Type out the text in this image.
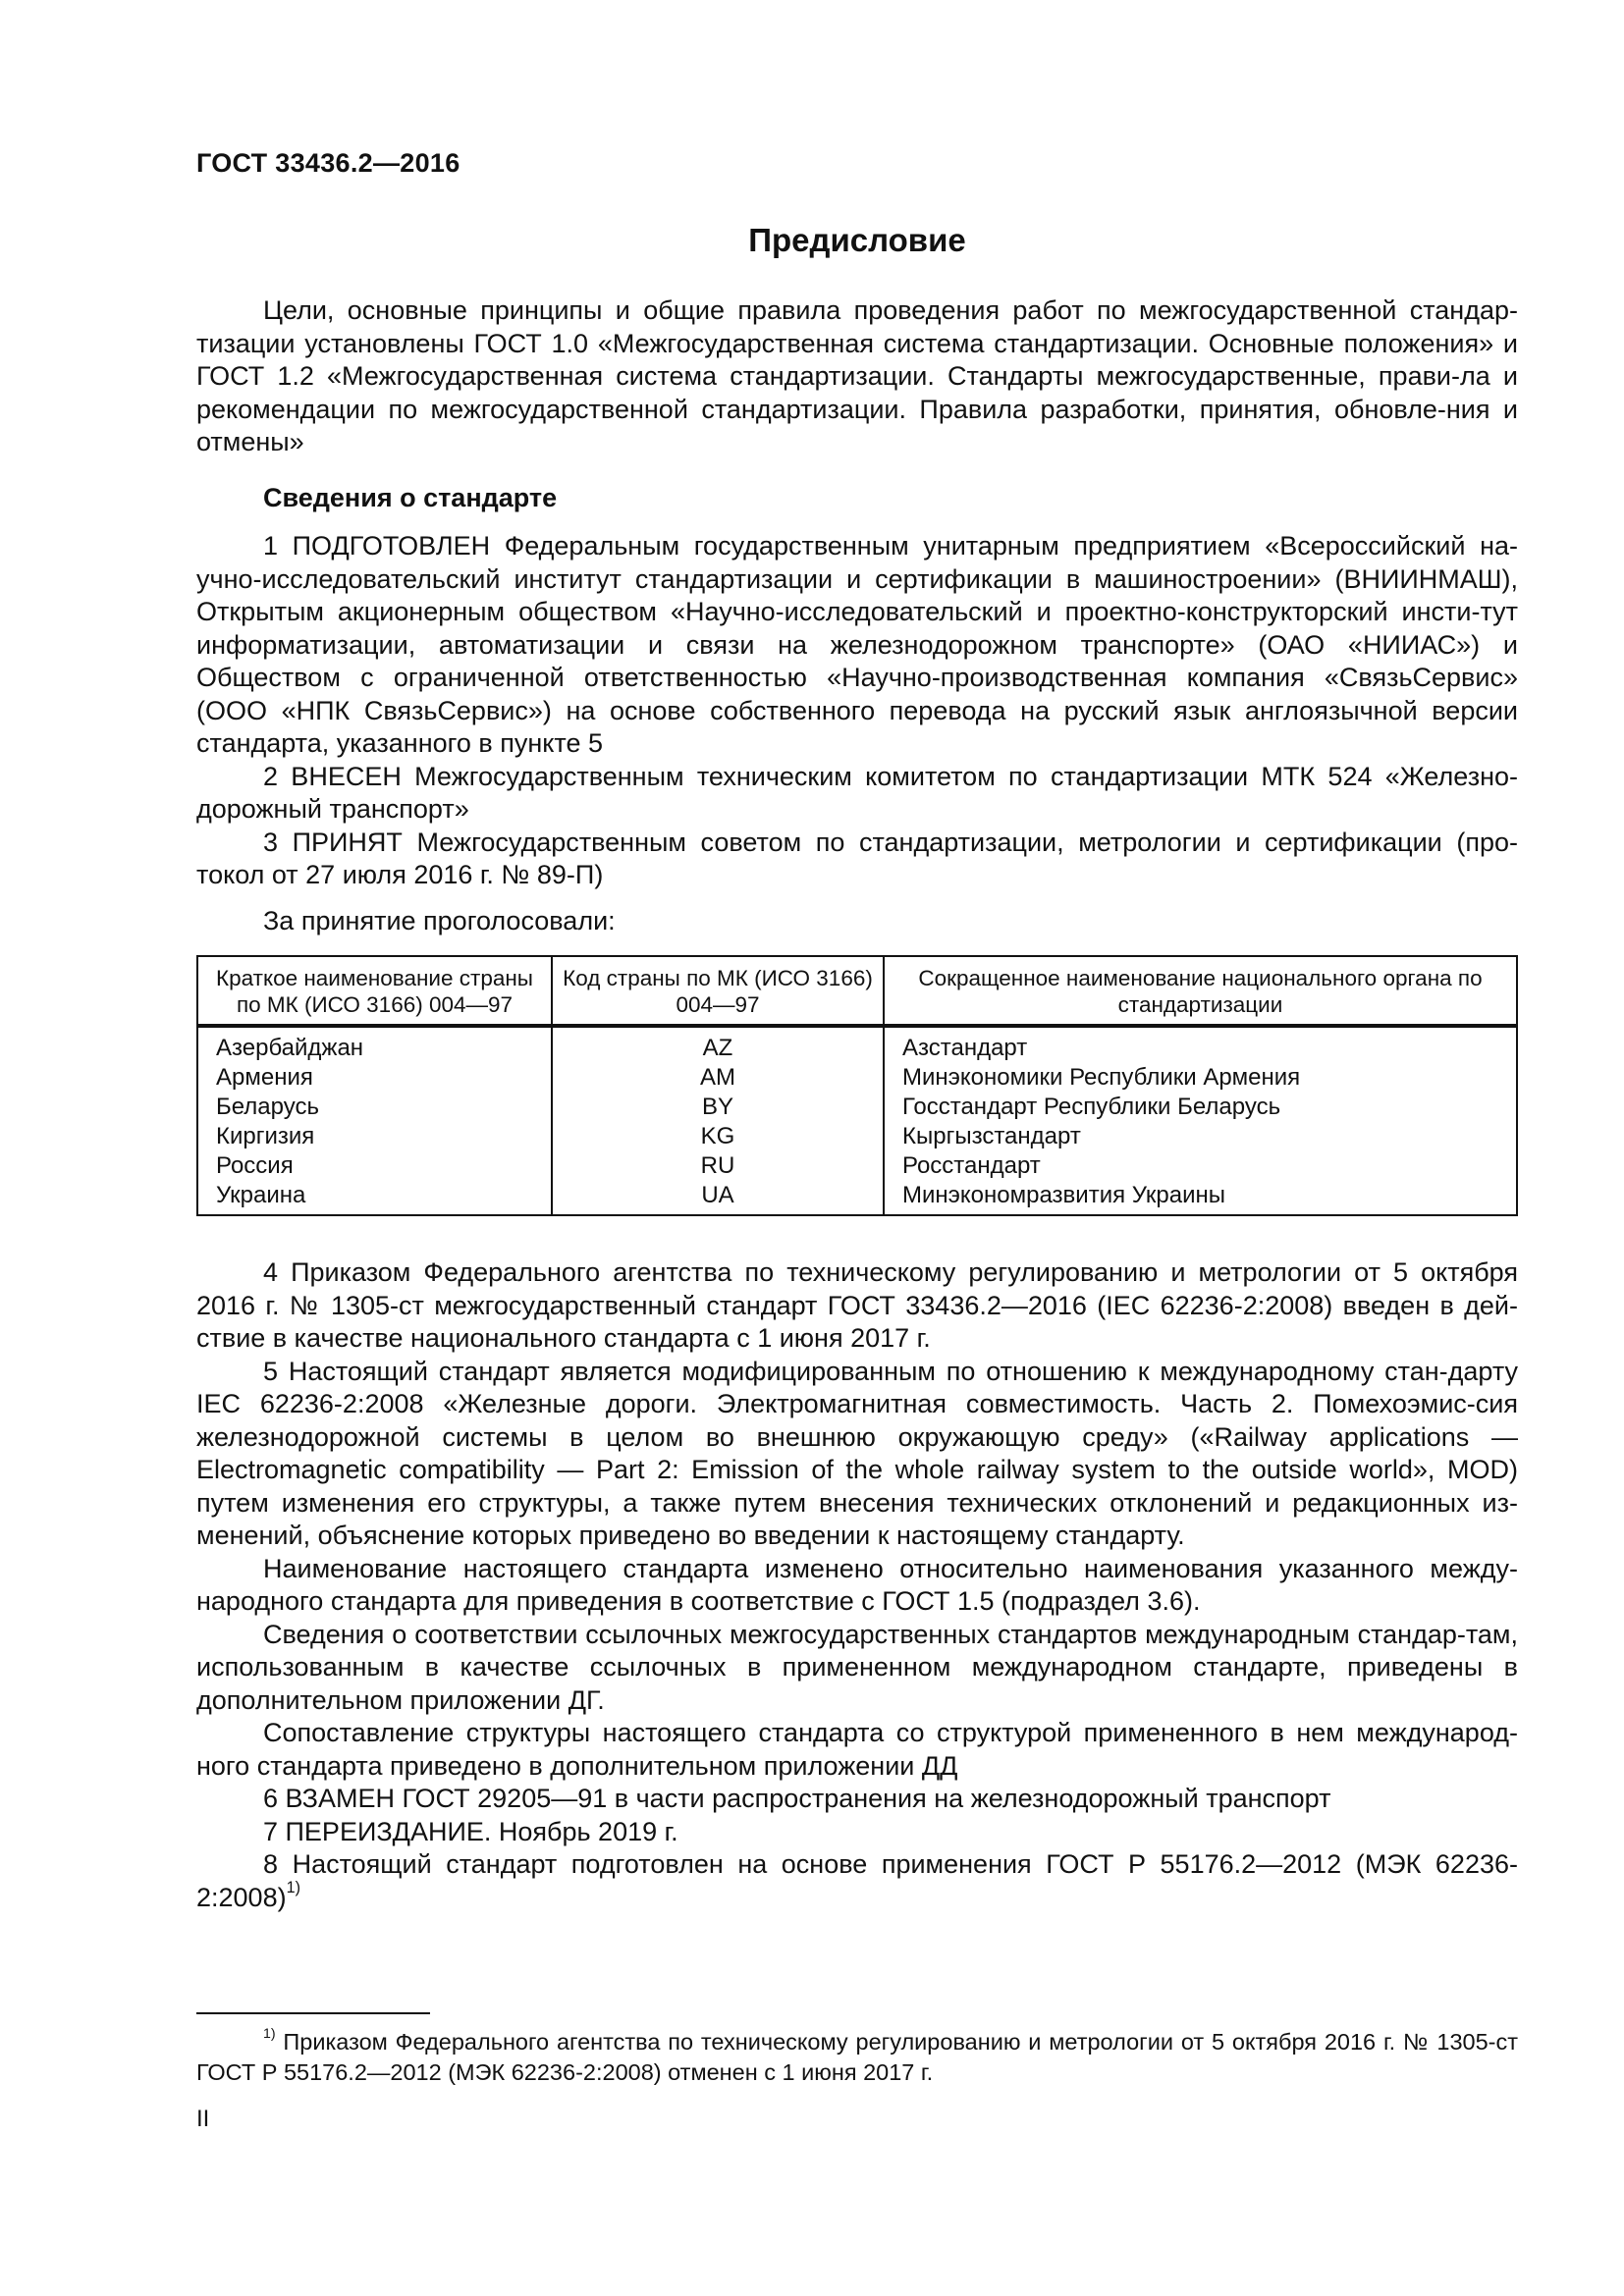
ГОСТ 33436.2—2016
Предисловие

Цели, основные принципы и общие правила проведения работ по межгосударственной стандар-тизации установлены ГОСТ 1.0 «Межгосударственная система стандартизации. Основные положения» и ГОСТ 1.2 «Межгосударственная система стандартизации. Стандарты межгосударственные, прави-ла и рекомендации по межгосударственной стандартизации. Правила разработки, принятия, обновле-ния и отмены»

Сведения о стандарте

1 ПОДГОТОВЛЕН Федеральным государственным унитарным предприятием «Всероссийский на-учно-исследовательский институт стандартизации и сертификации в машиностроении» (ВНИИНМАШ), Открытым акционерным обществом «Научно-исследовательский и проектно-конструкторский инсти-тут информатизации, автоматизации и связи на железнодорожном транспорте» (ОАО «НИИАС») и Обществом с ограниченной ответственностью «Научно-производственная компания «СвязьСервис» (ООО «НПК СвязьСервис») на основе собственного перевода на русский язык англоязычной версии стандарта, указанного в пункте 5

2 ВНЕСЕН Межгосударственным техническим комитетом по стандартизации МТК 524 «Железно-дорожный транспорт»

3 ПРИНЯТ Межгосударственным советом по стандартизации, метрологии и сертификации (про-токол от 27 июля 2016 г. № 89-П)

За принятие проголосовали:

Краткое наименование страны по МК (ИСО 3166) 004—97	Код страны по МК (ИСО 3166) 004—97	Сокращенное наименование национального органа по стандартизации
Азербайджан	AZ	Азстандарт
Армения	AM	Минэкономики Республики Армения
Беларусь	BY	Госстандарт Республики Беларусь
Киргизия	KG	Кыргызстандарт
Россия	RU	Росстандарт
Украина	UA	Минэкономразвития Украины

4 Приказом Федерального агентства по техническому регулированию и метрологии от 5 октября 2016 г. № 1305-ст межгосударственный стандарт ГОСТ 33436.2—2016 (IEC 62236-2:2008) введен в дей-ствие в качестве национального стандарта с 1 июня 2017 г.

5 Настоящий стандарт является модифицированным по отношению к международному стан-дарту IEC 62236-2:2008 «Железные дороги. Электромагнитная совместимость. Часть 2. Помехоэмис-сия железнодорожной системы в целом во внешнюю окружающую среду» («Railway applications — Electromagnetic compatibility — Part 2: Emission of the whole railway system to the outside world», MOD) путем изменения его структуры, а также путем внесения технических отклонений и редакционных из-менений, объяснение которых приведено во введении к настоящему стандарту.

Наименование настоящего стандарта изменено относительно наименования указанного между-народного стандарта для приведения в соответствие с ГОСТ 1.5 (подраздел 3.6).

Сведения о соответствии ссылочных межгосударственных стандартов международным стандар-там, использованным в качестве ссылочных в примененном международном стандарте, приведены в дополнительном приложении ДГ.

Сопоставление структуры настоящего стандарта со структурой примененного в нем международ-ного стандарта приведено в дополнительном приложении ДД

6 ВЗАМЕН ГОСТ 29205—91 в части распространения на железнодорожный транспорт

7 ПЕРЕИЗДАНИЕ. Ноябрь 2019 г.

8 Настоящий стандарт подготовлен на основе применения ГОСТ Р 55176.2—2012 (МЭК 62236-2:2008)$^{1)}$

$^{1)}$ Приказом Федерального агентства по техническому регулированию и метрологии от 5 октября 2016 г. № 1305-ст ГОСТ Р 55176.2—2012 (МЭК 62236-2:2008) отменен с 1 июня 2017 г.
II
